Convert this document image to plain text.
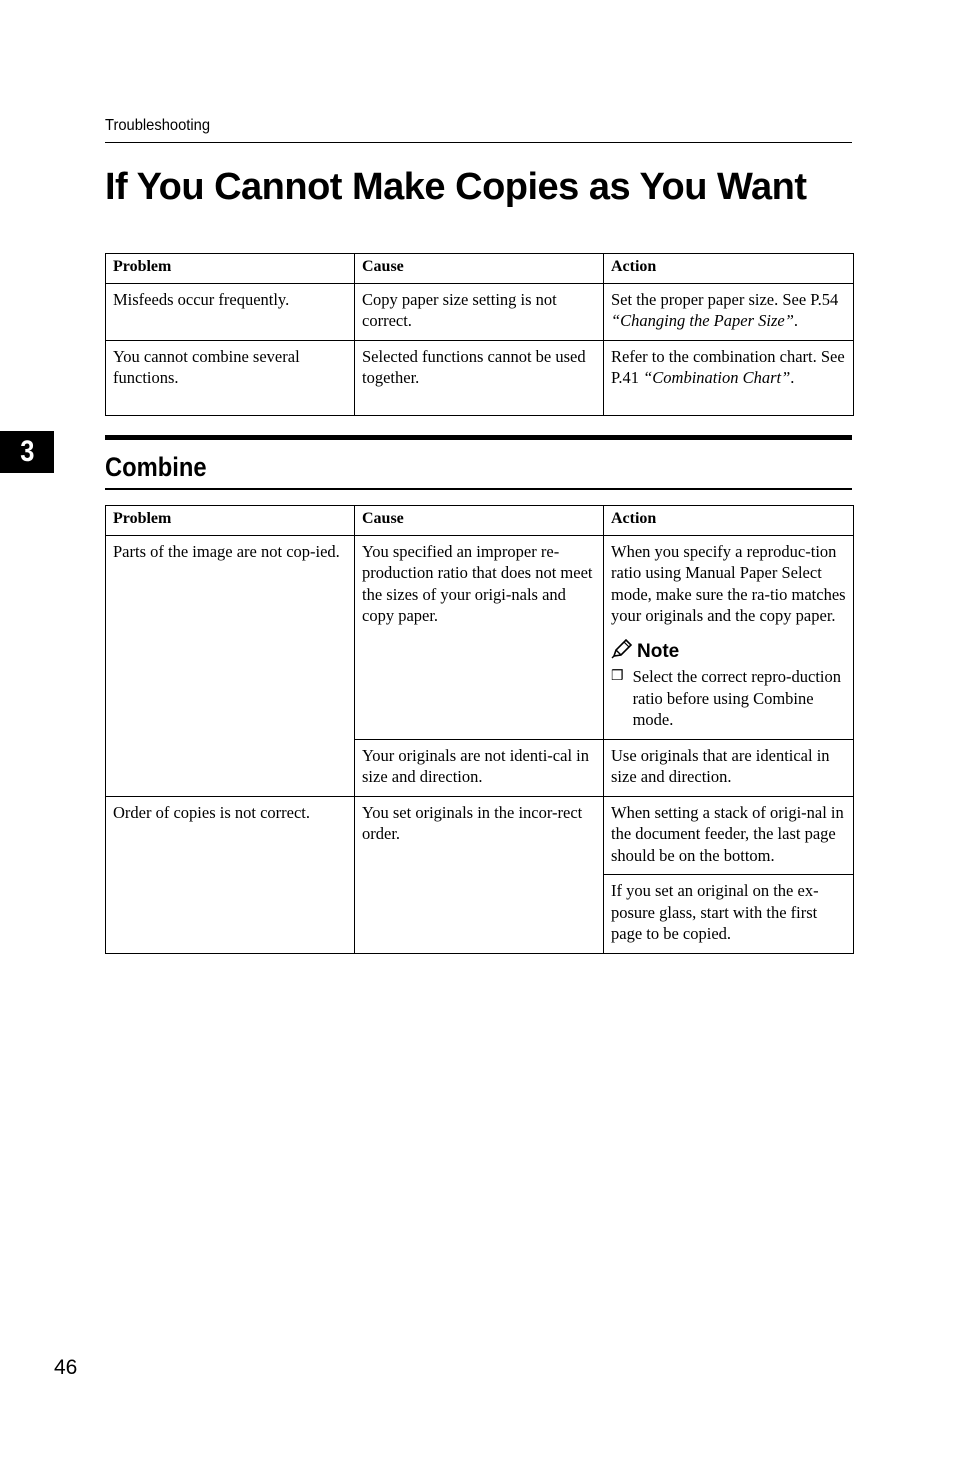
Troubleshooting
If You Cannot Make Copies as You Want
Problem	Cause	Action
Misfeeds occur frequently.	Copy paper size setting is not correct.	Set the proper paper size. See P.54 “Changing the Paper Size”.
You cannot combine several functions.	Selected functions cannot be used together.	Refer to the combination chart. See P.41 “Combination Chart”.
3	Combine
Problem	Cause	Action
Parts of the image are not cop-ied.	You specified an improper re-production ratio that does not meet the sizes of your origi-nals and copy paper.	When you specify a reproduc-tion ratio using Manual Paper Select mode, make sure the ra-tio matches your originals and the copy paper.
Note
❒ Select the correct repro-duction ratio before using Combine mode.

	Your originals are not identi-cal in size and direction.	Use originals that are identical in size and direction.
Order of copies is not correct.	You set originals in the incor-rect order.	When setting a stack of origi-nal in the document feeder, the last page should be on the bottom.
		If you set an original on the ex-posure glass, start with the first page to be copied.
46
